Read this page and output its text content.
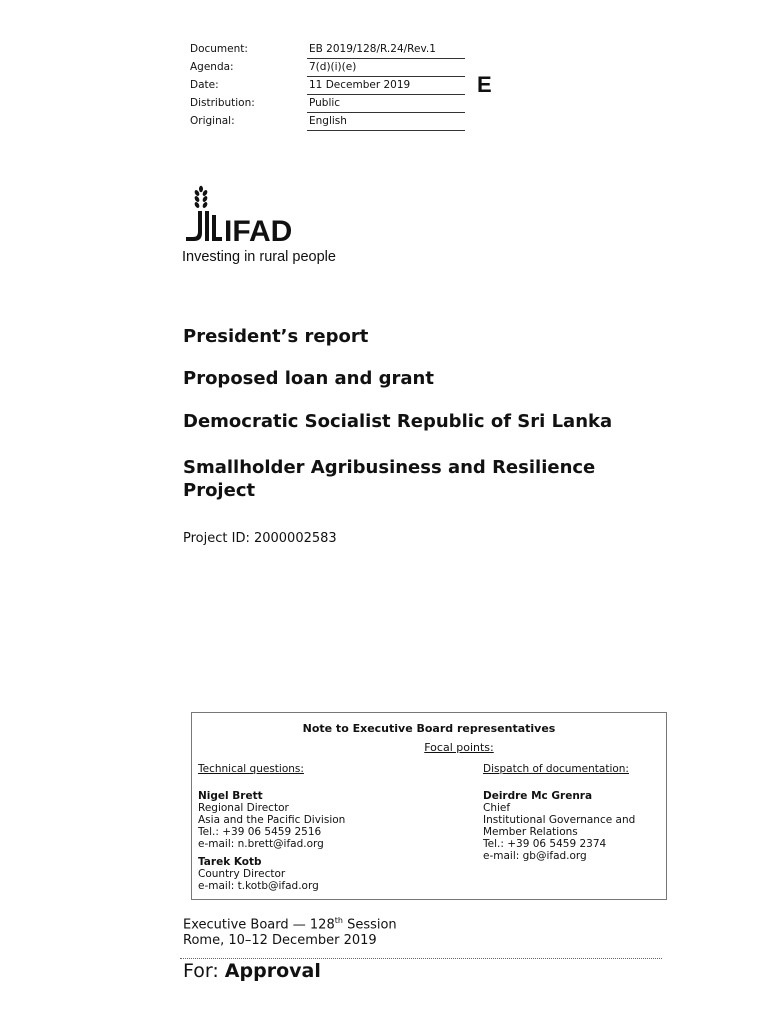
Document:	EB 2019/128/R.24/Rev.1
Agenda:	7(d)(i)(e)
Date:	11 December 2019
Distribution:	Public
Original:	English
E
IFAD
Investing in rural people
President’s report
Proposed loan and grant
Democratic Socialist Republic of Sri Lanka
Smallholder Agribusiness and Resilience
Project
Project ID: 2000002583
Note to Executive Board representatives
Focal points:
Technical questions:	Dispatch of documentation:
Nigel Brett
Regional Director
Asia and the Pacific Division
Tel.: +39 06 5459 2516
e-mail: n.brett@ifad.org
Tarek Kotb
Country Director
e-mail: t.kotb@ifad.org
Deirdre Mc Grenra
Chief
Institutional Governance and
Member Relations
Tel.: +39 06 5459 2374
e-mail: gb@ifad.org
Executive Board — 128th Session
Rome, 10–12 December 2019
For: Approval
